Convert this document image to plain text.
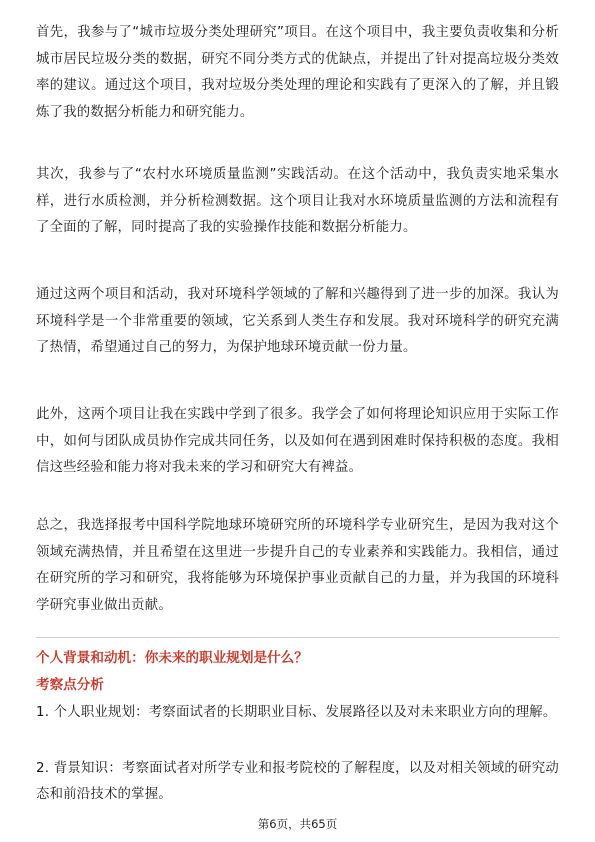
首先，我参与了“城市垃圾分类处理研究”项目。在这个项目中，我主要负责收集和分析城市居民垃圾分类的数据，研究不同分类方式的优缺点，并提出了针对提高垃圾分类效率的建议。通过这个项目，我对垃圾分类处理的理论和实践有了更深入的了解，并且锻炼了我的数据分析能力和研究能力。

其次，我参与了“农村水环境质量监测”实践活动。在这个活动中，我负责实地采集水样，进行水质检测，并分析检测数据。这个项目让我对水环境质量监测的方法和流程有了全面的了解，同时提高了我的实验操作技能和数据分析能力。

通过这两个项目和活动，我对环境科学领域的了解和兴趣得到了进一步的加深。我认为环境科学是一个非常重要的领域，它关系到人类生存和发展。我对环境科学的研究充满了热情，希望通过自己的努力，为保护地球环境贡献一份力量。

此外，这两个项目让我在实践中学到了很多。我学会了如何将理论知识应用于实际工作中，如何与团队成员协作完成共同任务，以及如何在遇到困难时保持积极的态度。我相信这些经验和能力将对我未来的学习和研究大有裨益。

总之，我选择报考中国科学院地球环境研究所的环境科学专业研究生，是因为我对这个领域充满热情，并且希望在这里进一步提升自己的专业素养和实践能力。我相信，通过在研究所的学习和研究，我将能够为环境保护事业贡献自己的力量，并为我国的环境科学研究事业做出贡献。

个人背景和动机：你未来的职业规划是什么？

考察点分析

1. 个人职业规划：考察面试者的长期职业目标、发展路径以及对未来职业方向的理解。

2. 背景知识：考察面试者对所学专业和报考院校的了解程度，以及对相关领域的研究动态和前沿技术的掌握。

第6页，共65页
